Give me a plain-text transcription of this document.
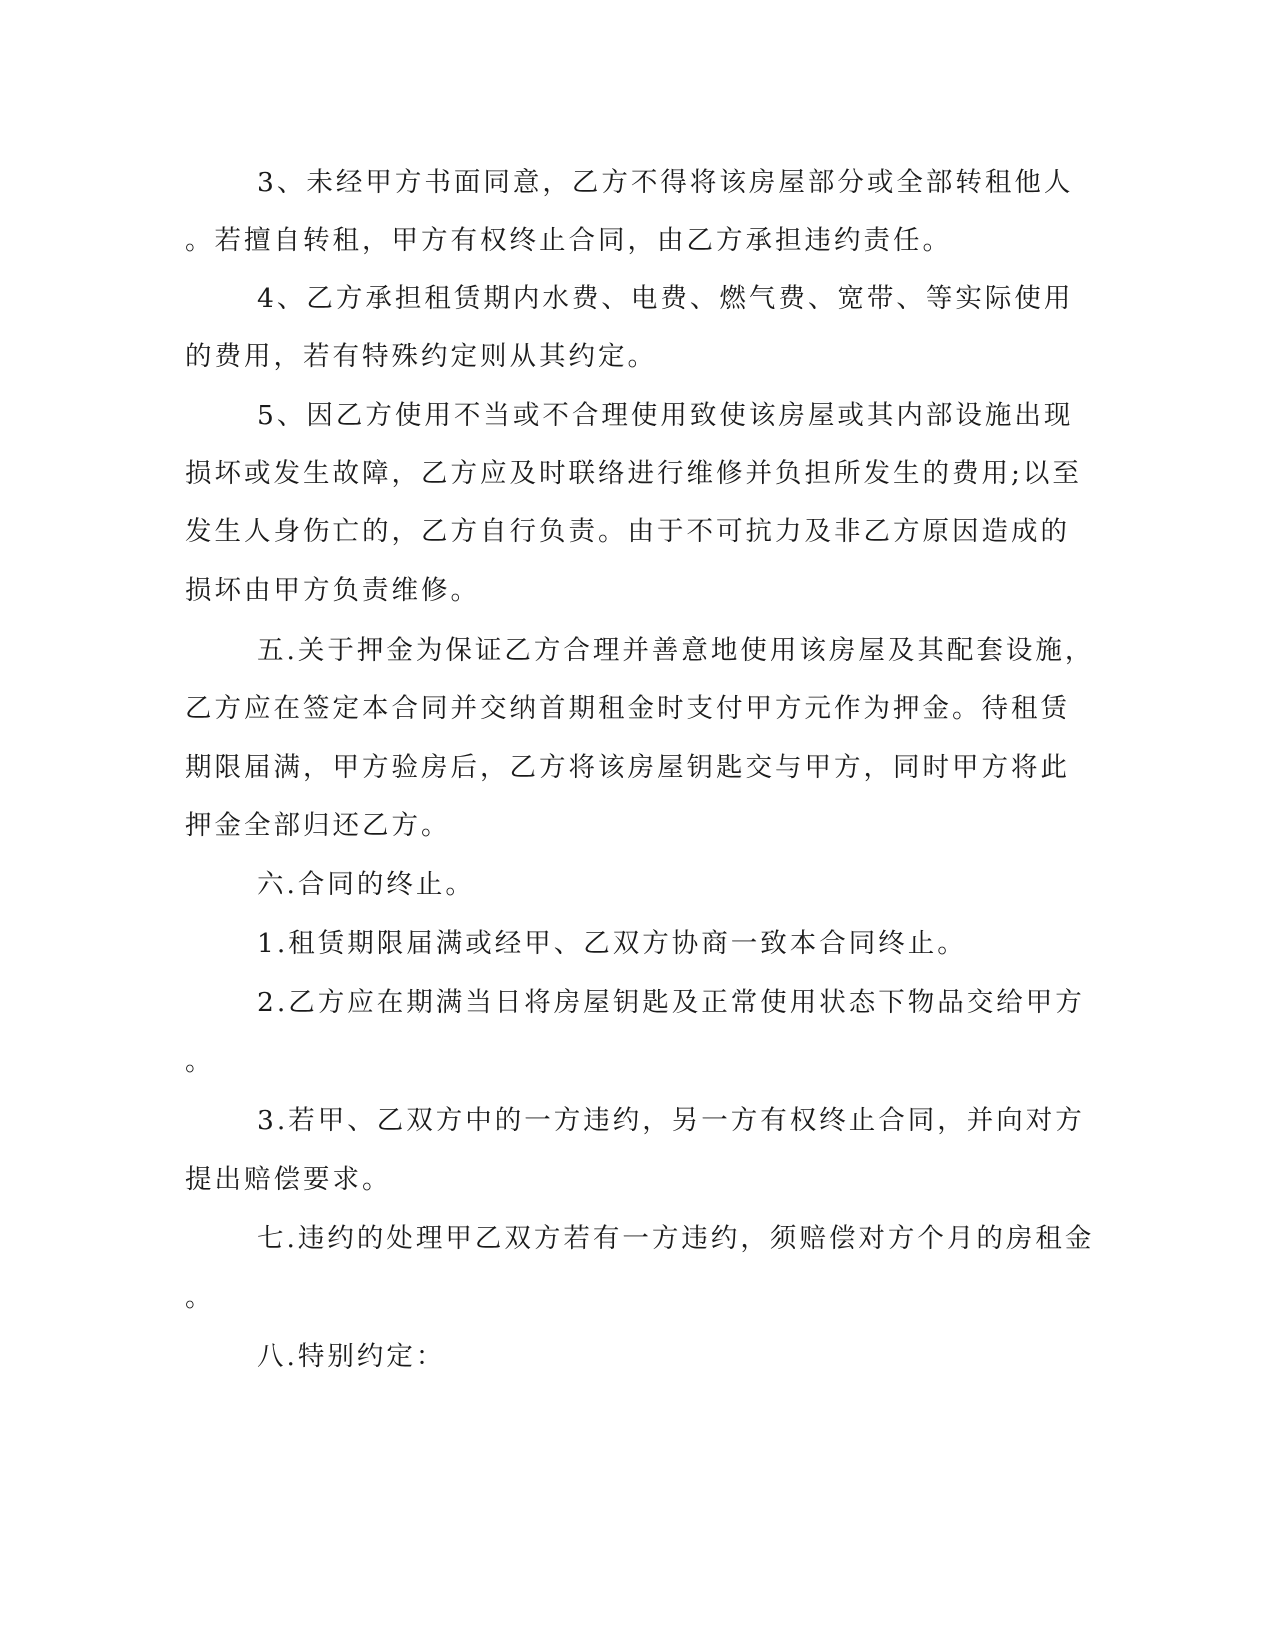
3、未经甲方书面同意，乙方不得将该房屋部分或全部转租他人

。若擅自转租，甲方有权终止合同，由乙方承担违约责任。

4、乙方承担租赁期内水费、电费、燃气费、宽带、等实际使用

的费用，若有特殊约定则从其约定。

5、因乙方使用不当或不合理使用致使该房屋或其内部设施出现

损坏或发生故障，乙方应及时联络进行维修并负担所发生的费用;以至

发生人身伤亡的，乙方自行负责。由于不可抗力及非乙方原因造成的

损坏由甲方负责维修。

五.关于押金为保证乙方合理并善意地使用该房屋及其配套设施，

乙方应在签定本合同并交纳首期租金时支付甲方元作为押金。待租赁

期限届满，甲方验房后，乙方将该房屋钥匙交与甲方，同时甲方将此

押金全部归还乙方。

六.合同的终止。

1.租赁期限届满或经甲、乙双方协商一致本合同终止。

2.乙方应在期满当日将房屋钥匙及正常使用状态下物品交给甲方

。

3.若甲、乙双方中的一方违约，另一方有权终止合同，并向对方

提出赔偿要求。

七.违约的处理甲乙双方若有一方违约，须赔偿对方个月的房租金

。

八.特别约定：
